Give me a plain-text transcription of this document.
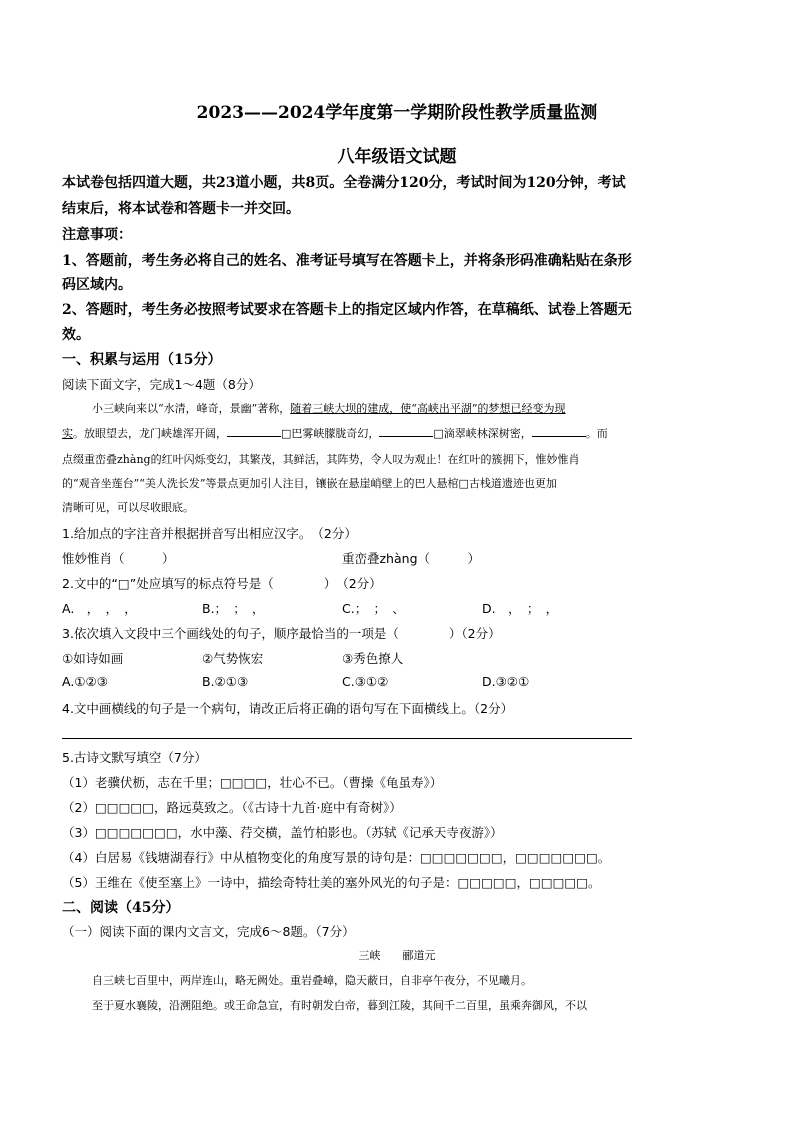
2023——2024学年度第一学期阶段性教学质量监测
八年级语文试题
本试卷包括四道大题，共23道小题，共8页。全卷满分120分，考试时间为120分钟，考试
结束后，将本试卷和答题卡一并交回。
注意事项：
1、答题前，考生务必将自己的姓名、准考证号填写在答题卡上，并将条形码准确粘贴在条形
码区域内。
2、答题时，考生务必按照考试要求在答题卡上的指定区域内作答，在草稿纸、试卷上答题无
效。
一、积累与运用（15分）
阅读下面文字，完成1～4题（8分）
小三峡向来以“水清，峰奇，景幽”著称，随着三峡大坝的建成，使“高峡出平湖”的梦想已经变为现
实。放眼望去，龙门峡雄浑开阔，	□巴雾峡朦胧奇幻，	□滴翠峡林深树密，	。而
点缀重峦叠zhàng的红叶闪烁变幻，其繁茂，其鲜活，其阵势，令人叹为观止！在红叶的簇拥下，惟妙惟肖
的“观音坐莲台”“美人洗长发”等景点更加引人注目，镶嵌在悬崖峭壁上的巴人悬棺□古栈道遗迹也更加
清晰可见，可以尽收眼底。
1.给加点的字注音并根据拼音写出相应汉字。　（2分）
惟妙惟肖（　　　）	重峦叠zhàng（　　　）
2.文中的“□”处应填写的标点符号是（　　　　）　（2分）
A.　，　，　，	B.；　；　，	C.；　；　、	D.　，　；　，
3.依次填入文段中三个画线处的句子，顺序最恰当的一项是（　　　　）（2分）
①如诗如画	②气势恢宏	③秀色撩人
A.①②③	B.②①③	C.③①②	D.③②①
4.文中画横线的句子是一个病句，请改正后将正确的语句写在下面横线上。（2分）
5.古诗文默写填空（7分）
（1）老骥伏枥，志在千里；□□□□，壮心不已。（曹操《龟虽寿》）
（2）□□□□□，路远莫致之。（《古诗十九首·庭中有奇树》）
（3）□□□□□□□，水中藻、荇交横，盖竹柏影也。（苏轼《记承天寺夜游》）
（4）白居易《钱塘湖春行》中从植物变化的角度写景的诗句是：□□□□□□□，□□□□□□□。
（5）王维在《使至塞上》一诗中，描绘奇特壮美的塞外风光的句子是：□□□□□，□□□□□。
二、阅读（45分）
（一）阅读下面的课内文言文，完成6～8题。（7分）
三峡　　郦道元
自三峡七百里中，两岸连山，略无阙处。重岩叠嶂，隐天蔽日，自非亭午夜分，不见曦月。
至于夏水襄陵，沿溯阻绝。或王命急宣，有时朝发白帝，暮到江陵，其间千二百里，虽乘奔御风，不以
